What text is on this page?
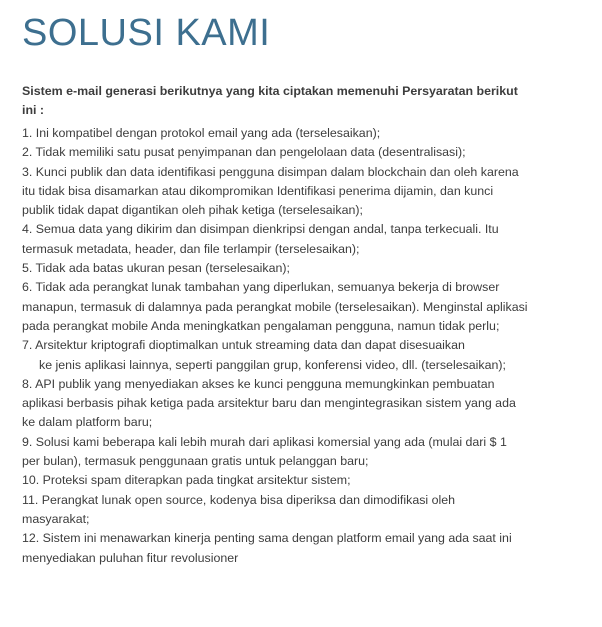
SOLUSI KAMI
Sistem e-mail generasi berikutnya yang kita ciptakan memenuhi Persyaratan berikut ini :
1. Ini kompatibel dengan protokol email yang ada (terselesaikan);
2. Tidak memiliki satu pusat penyimpanan dan pengelolaan data (desentralisasi);
3. Kunci publik dan data identifikasi pengguna disimpan dalam blockchain dan oleh karena
itu tidak bisa disamarkan atau dikompromikan Identifikasi penerima dijamin, dan kunci
publik tidak dapat digantikan oleh pihak ketiga (terselesaikan);
4. Semua data yang dikirim dan disimpan dienkripsi dengan andal, tanpa terkecuali. Itu
termasuk metadata, header, dan file terlampir (terselesaikan);
5. Tidak ada batas ukuran pesan (terselesaikan);
6. Tidak ada perangkat lunak tambahan yang diperlukan, semuanya bekerja di browser
manapun, termasuk di dalamnya pada perangkat mobile (terselesaikan). Menginstal aplikasi
pada perangkat mobile Anda meningkatkan pengalaman pengguna, namun tidak perlu;
7. Arsitektur kriptografi dioptimalkan untuk streaming data dan dapat disesuaikan
ke jenis aplikasi lainnya, seperti panggilan grup, konferensi video, dll. (terselesaikan);
8. API publik yang menyediakan akses ke kunci pengguna memungkinkan pembuatan
aplikasi berbasis pihak ketiga pada arsitektur baru dan mengintegrasikan sistem yang ada
ke dalam platform baru;
9. Solusi kami beberapa kali lebih murah dari aplikasi komersial yang ada (mulai dari $ 1
per bulan), termasuk penggunaan gratis untuk pelanggan baru;
10. Proteksi spam diterapkan pada tingkat arsitektur sistem;
11. Perangkat lunak open source, kodenya bisa diperiksa dan dimodifikasi oleh
masyarakat;
12. Sistem ini menawarkan kinerja penting sama dengan platform email yang ada saat ini
menyediakan puluhan fitur revolusioner
